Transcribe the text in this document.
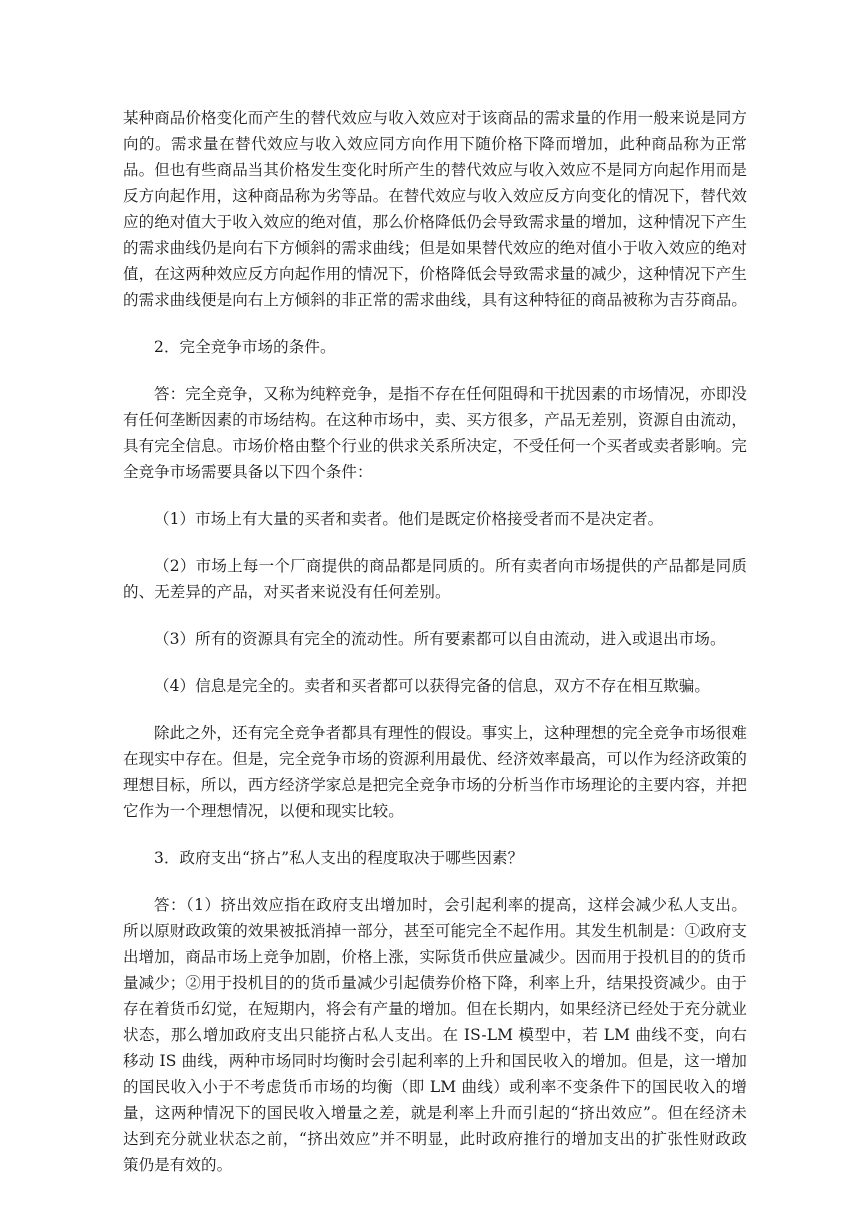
某种商品价格变化而产生的替代效应与收入效应对于该商品的需求量的作用一般来说是同方向的。需求量在替代效应与收入效应同方向作用下随价格下降而增加，此种商品称为正常品。但也有些商品当其价格发生变化时所产生的替代效应与收入效应不是同方向起作用而是反方向起作用，这种商品称为劣等品。在替代效应与收入效应反方向变化的情况下，替代效应的绝对值大于收入效应的绝对值，那么价格降低仍会导致需求量的增加，这种情况下产生的需求曲线仍是向右下方倾斜的需求曲线；但是如果替代效应的绝对值小于收入效应的绝对值，在这两种效应反方向起作用的情况下，价格降低会导致需求量的减少，这种情况下产生的需求曲线便是向右上方倾斜的非正常的需求曲线，具有这种特征的商品被称为吉芬商品。

2．完全竞争市场的条件。

答：完全竞争，又称为纯粹竞争，是指不存在任何阻碍和干扰因素的市场情况，亦即没有任何垄断因素的市场结构。在这种市场中，卖、买方很多，产品无差别，资源自由流动，具有完全信息。市场价格由整个行业的供求关系所决定，不受任何一个买者或卖者影响。完全竞争市场需要具备以下四个条件：

（1）市场上有大量的买者和卖者。他们是既定价格接受者而不是决定者。

（2）市场上每一个厂商提供的商品都是同质的。所有卖者向市场提供的产品都是同质的、无差异的产品，对买者来说没有任何差别。

（3）所有的资源具有完全的流动性。所有要素都可以自由流动，进入或退出市场。

（4）信息是完全的。卖者和买者都可以获得完备的信息，双方不存在相互欺骗。

除此之外，还有完全竞争者都具有理性的假设。事实上，这种理想的完全竞争市场很难在现实中存在。但是，完全竞争市场的资源利用最优、经济效率最高，可以作为经济政策的理想目标，所以，西方经济学家总是把完全竞争市场的分析当作市场理论的主要内容，并把它作为一个理想情况，以便和现实比较。

3．政府支出“挤占”私人支出的程度取决于哪些因素？

答：（1）挤出效应指在政府支出增加时，会引起利率的提高，这样会减少私人支出。所以原财政政策的效果被抵消掉一部分，甚至可能完全不起作用。其发生机制是：①政府支出增加，商品市场上竞争加剧，价格上涨，实际货币供应量减少。因而用于投机目的的货币量减少；②用于投机目的的货币量减少引起债券价格下降，利率上升，结果投资减少。由于存在着货币幻觉，在短期内，将会有产量的增加。但在长期内，如果经济已经处于充分就业状态，那么增加政府支出只能挤占私人支出。在 IS-LM 模型中，若 LM 曲线不变，向右移动 IS 曲线，两种市场同时均衡时会引起利率的上升和国民收入的增加。但是，这一增加的国民收入小于不考虑货币市场的均衡（即 LM 曲线）或利率不变条件下的国民收入的增量，这两种情况下的国民收入增量之差，就是利率上升而引起的“挤出效应”。但在经济未达到充分就业状态之前，“挤出效应”并不明显，此时政府推行的增加支出的扩张性财政政策仍是有效的。
